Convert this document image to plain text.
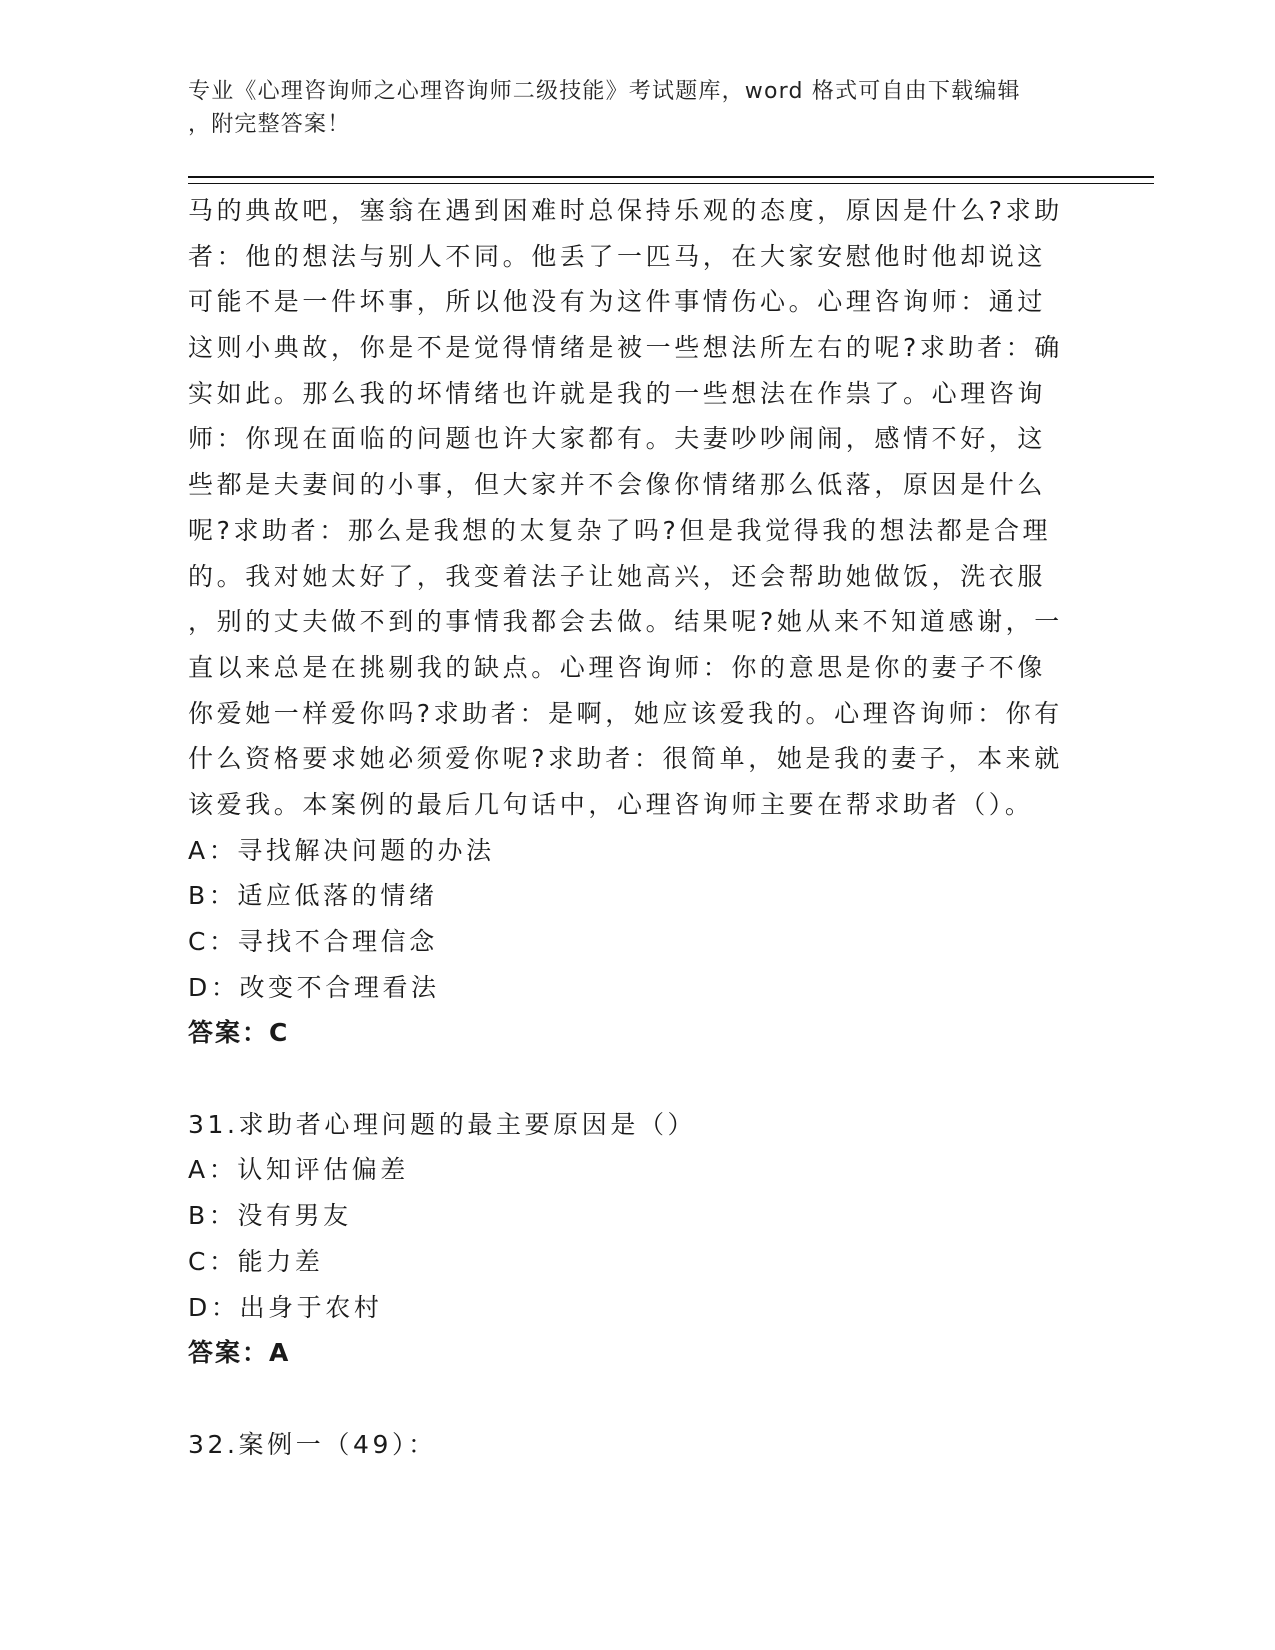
专业《心理咨询师之心理咨询师二级技能》考试题库，word 格式可自由下载编辑
，附完整答案！
马的典故吧，塞翁在遇到困难时总保持乐观的态度，原因是什么?求助
者：他的想法与别人不同。他丢了一匹马，在大家安慰他时他却说这
可能不是一件坏事，所以他没有为这件事情伤心。心理咨询师：通过
这则小典故，你是不是觉得情绪是被一些想法所左右的呢?求助者：确
实如此。那么我的坏情绪也许就是我的一些想法在作祟了。心理咨询
师：你现在面临的问题也许大家都有。夫妻吵吵闹闹，感情不好，这
些都是夫妻间的小事，但大家并不会像你情绪那么低落，原因是什么
呢?求助者：那么是我想的太复杂了吗?但是我觉得我的想法都是合理
的。我对她太好了，我变着法子让她高兴，还会帮助她做饭，洗衣服
，别的丈夫做不到的事情我都会去做。结果呢?她从来不知道感谢，一
直以来总是在挑剔我的缺点。心理咨询师：你的意思是你的妻子不像
你爱她一样爱你吗?求助者：是啊，她应该爱我的。心理咨询师：你有
什么资格要求她必须爱你呢?求助者：很简单，她是我的妻子，本来就
该爱我。本案例的最后几句话中，心理咨询师主要在帮求助者（）。
A：寻找解决问题的办法
B：适应低落的情绪
C：寻找不合理信念
D：改变不合理看法
答案：C
31.求助者心理问题的最主要原因是（）
A：认知评估偏差
B：没有男友
C：能力差
D：出身于农村
答案：A
32.案例一（49）：
